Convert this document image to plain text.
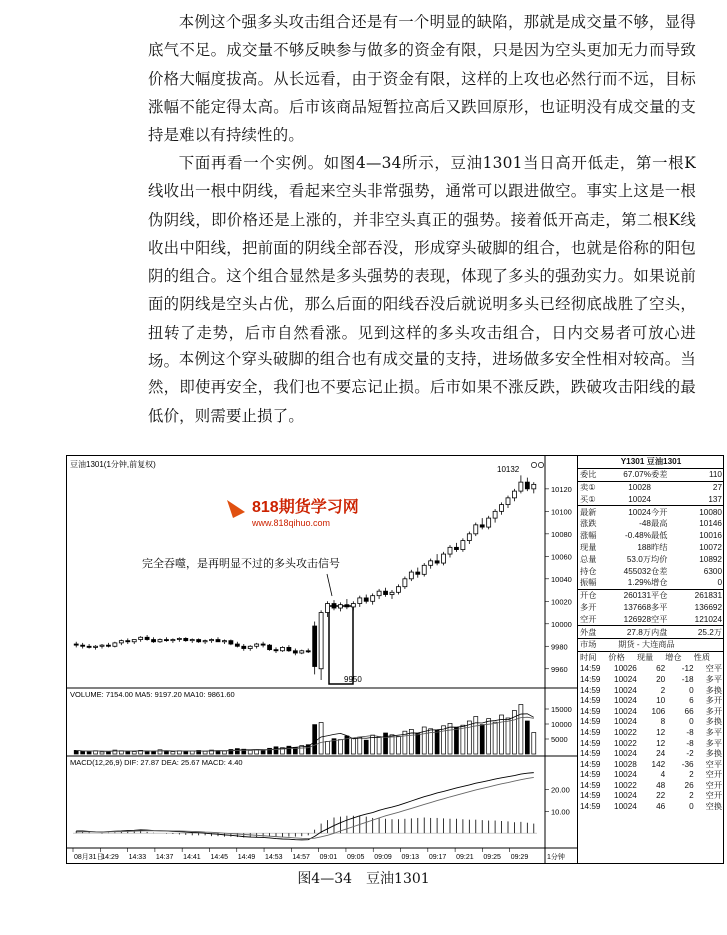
本例这个强多头攻击组合还是有一个明显的缺陷，那就是成交量不够，显得底气不足。成交量不够反映参与做多的资金有限，只是因为空头更加无力而导致价格大幅度拔高。从长远看，由于资金有限，这样的上攻也必然行而不远，目标涨幅不能定得太高。后市该商品短暂拉高后又跌回原形，也证明没有成交量的支持是难以有持续性的。

下面再看一个实例。如图4—34所示，豆油1301当日高开低走，第一根K线收出一根中阴线，看起来空头非常强势，通常可以跟进做空。事实上这是一根伪阴线，即价格还是上涨的，并非空头真正的强势。接着低开高走，第二根K线收出中阳线，把前面的阴线全部吞没，形成穿头破脚的组合，也就是俗称的阳包阴的组合。这个组合显然是多头强势的表现，体现了多头的强劲实力。如果说前面的阴线是空头占优，那么后面的阳线吞没后就说明多头已经彻底战胜了空头，扭转了走势，后市自然看涨。见到这样的多头攻击组合，日内交易者可放心进场。 本例这个穿头破脚的组合也有成交量的支持，进场做多安全性相对较高。当然，即使再安全，我们也不要忘记止损。后市如果不涨反跌，跌破攻击阳线的最低价，则需要止损了。

豆油1301(1分钟,前复权)
818期货学习网
www.818qihuo.com
完全吞噬，是再明显不过的多头攻击信号
10132
9950
10120
10100
10080
10060
10040
10020
10000
9980
9960
VOLUME: 7154.00 MA5: 9197.20 MA10: 9861.60
15000
10000
5000
MACD(12,26,9) DIF: 27.87 DEA: 25.67 MACD: 4.40
20.00
10.00
08月31日
14:29 14:33 14:37 14:41 14:45 14:49 14:53 14:57 09:01 09:05 09:09 09:13 09:17 09:21 09:25 09:29	1分钟
Y1301 豆油1301
委比	67.07% 委差	110
卖①	10028	27
买①	10024	137
最新	10024 今开	10080
涨跌	-48 最高	10146
涨幅	-0.48% 最低	10016
现量	188 昨结	10072
总量	53.0万 均价	10892
持仓	455032 仓差	6300
振幅	1.29% 增仓	0
开仓	260131 平仓	261831
多开	137668 多平	136692
空开	126928 空平	121024
外盘	27.8万 内盘	25.2万
市场	期货 - 大连商品
时间	价格	现量	增仓	性质
14:59	10026	62	-12	空平
14:59	10024	20	-18	多平
14:59	10024	2	0	多换
14:59	10024	10	6	多开
14:59	10024	106	66	多开
14:59	10024	8	0	多换
14:59	10022	12	-8	多平
14:59	10022	12	-8	多平
14:59	10024	24	-2	多换
14:59	10028	142	-36	空平
14:59	10024	4	2	空开
14:59	10022	48	26	空开
14:59	10024	22	2	空开
14:59	10024	46	0	空换
图4—34　豆油1301
